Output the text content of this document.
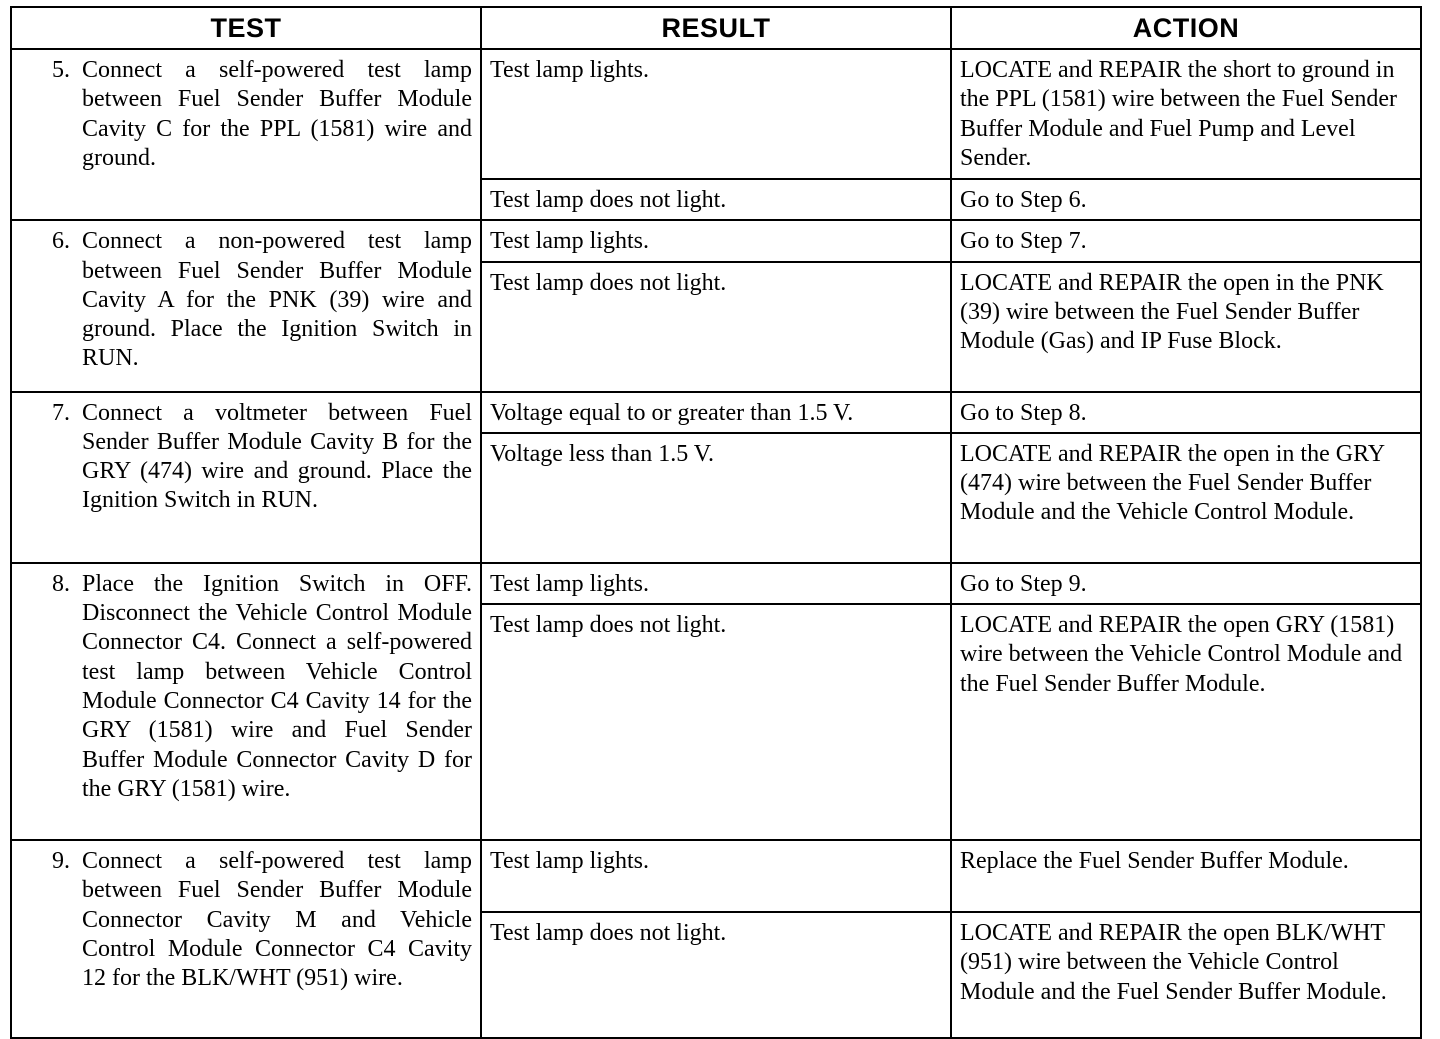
TEST	RESULT	ACTION

5. Connect a self-powered test lamp between Fuel Sender Buffer Module Cavity C for the PPL (1581) wire and ground.	Test lamp lights.	LOCATE and REPAIR the short to ground in the PPL (1581) wire between the Fuel Sender Buffer Module and Fuel Pump and Level Sender.
	Test lamp does not light.	Go to Step 6.

6. Connect a non-powered test lamp between Fuel Sender Buffer Module Cavity A for the PNK (39) wire and ground. Place the Ignition Switch in RUN.	Test lamp lights.	Go to Step 7.
	Test lamp does not light.	LOCATE and REPAIR the open in the PNK (39) wire between the Fuel Sender Buffer Module (Gas) and IP Fuse Block.

7. Connect a voltmeter between Fuel Sender Buffer Module Cavity B for the GRY (474) wire and ground. Place the Ignition Switch in RUN.	Voltage equal to or greater than 1.5 V.	Go to Step 8.
	Voltage less than 1.5 V.	LOCATE and REPAIR the open in the GRY (474) wire between the Fuel Sender Buffer Module and the Vehicle Control Module.

8. Place the Ignition Switch in OFF. Disconnect the Vehicle Control Module Connector C4. Connect a self-powered test lamp between Vehicle Control Module Connector C4 Cavity 14 for the GRY (1581) wire and Fuel Sender Buffer Module Connector Cavity D for the GRY (1581) wire.	Test lamp lights.	Go to Step 9.
	Test lamp does not light.	LOCATE and REPAIR the open GRY (1581) wire between the Vehicle Control Module and the Fuel Sender Buffer Module.

9. Connect a self-powered test lamp between Fuel Sender Buffer Module Connector Cavity M and Vehicle Control Module Connector C4 Cavity 12 for the BLK/WHT (951) wire.	Test lamp lights.	Replace the Fuel Sender Buffer Module.
	Test lamp does not light.	LOCATE and REPAIR the open BLK/WHT (951) wire between the Vehicle Control Module and the Fuel Sender Buffer Module.
